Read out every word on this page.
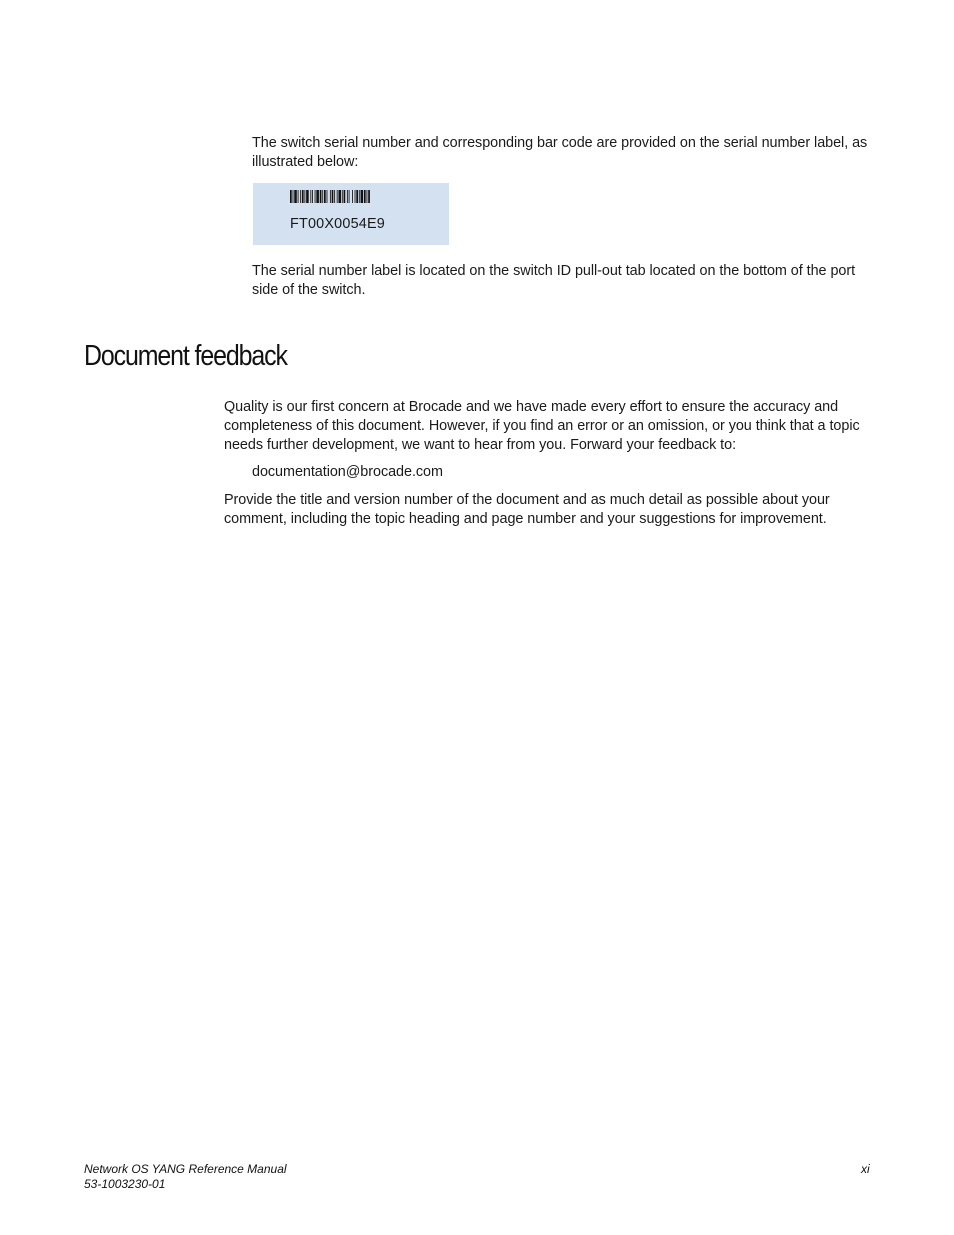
The switch serial number and corresponding bar code are provided on the serial number label, as illustrated below:

FT00X0054E9

The serial number label is located on the switch ID pull-out tab located on the bottom of the port side of the switch.

Document feedback

Quality is our first concern at Brocade and we have made every effort to ensure the accuracy and completeness of this document. However, if you find an error or an omission, or you think that a topic needs further development, we want to hear from you. Forward your feedback to:

documentation@brocade.com

Provide the title and version number of the document and as much detail as possible about your comment, including the topic heading and page number and your suggestions for improvement.

Network OS YANG Reference Manual

53-1003230-01

xi
